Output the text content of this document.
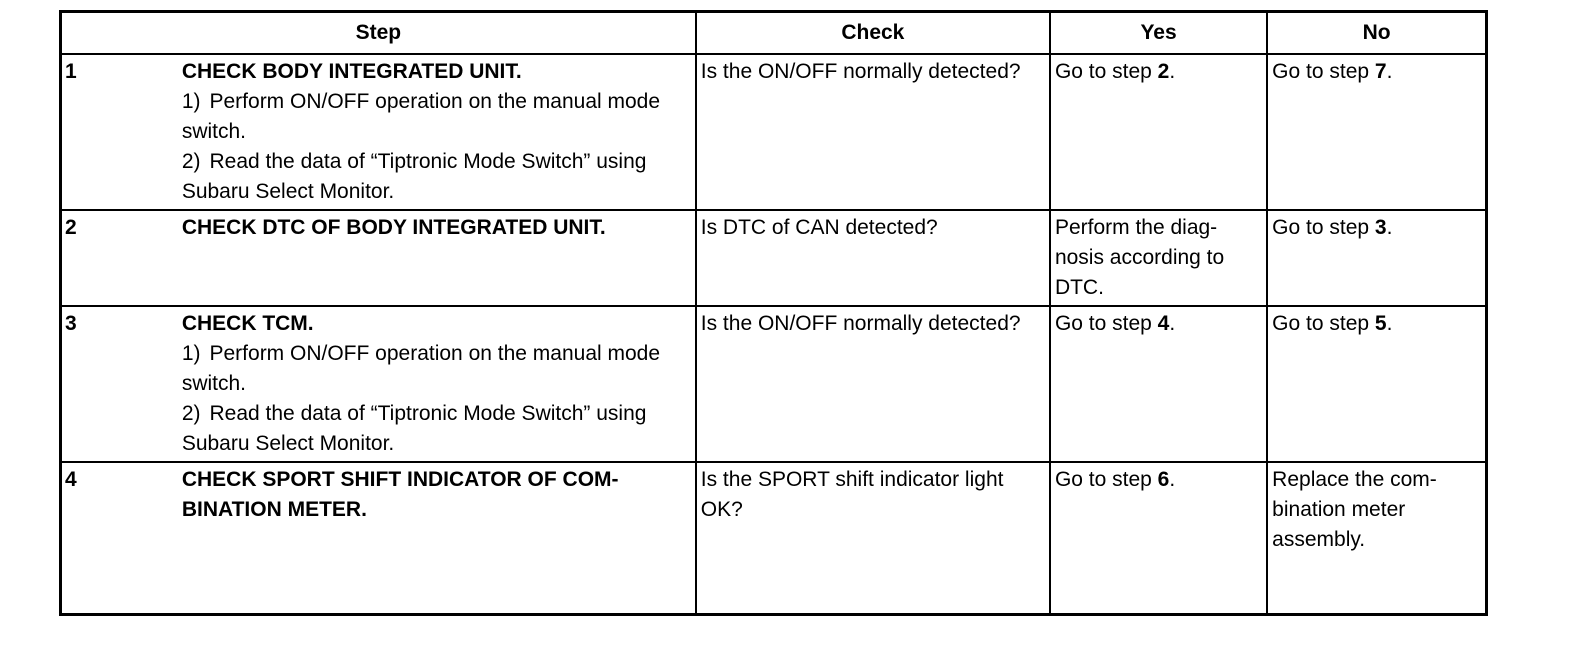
Step		Check	Yes	No
1	CHECK BODY INTEGRATED UNIT.
1) Perform ON/OFF operation on the manual mode switch.
2) Read the data of “Tiptronic Mode Switch” using Subaru Select Monitor.	Is the ON/OFF normally detected?	Go to step 2.	Go to step 7.
2	CHECK DTC OF BODY INTEGRATED UNIT.	Is DTC of CAN detected?	Perform the diag-nosis according to DTC.	Go to step 3.
3	CHECK TCM.
1) Perform ON/OFF operation on the manual mode switch.
2) Read the data of “Tiptronic Mode Switch” using Subaru Select Monitor.	Is the ON/OFF normally detected?	Go to step 4.	Go to step 5.
4	CHECK SPORT SHIFT INDICATOR OF COM-BINATION METER.	Is the SPORT shift indicator light OK?	Go to step 6.	Replace the com-bination meter assembly.
